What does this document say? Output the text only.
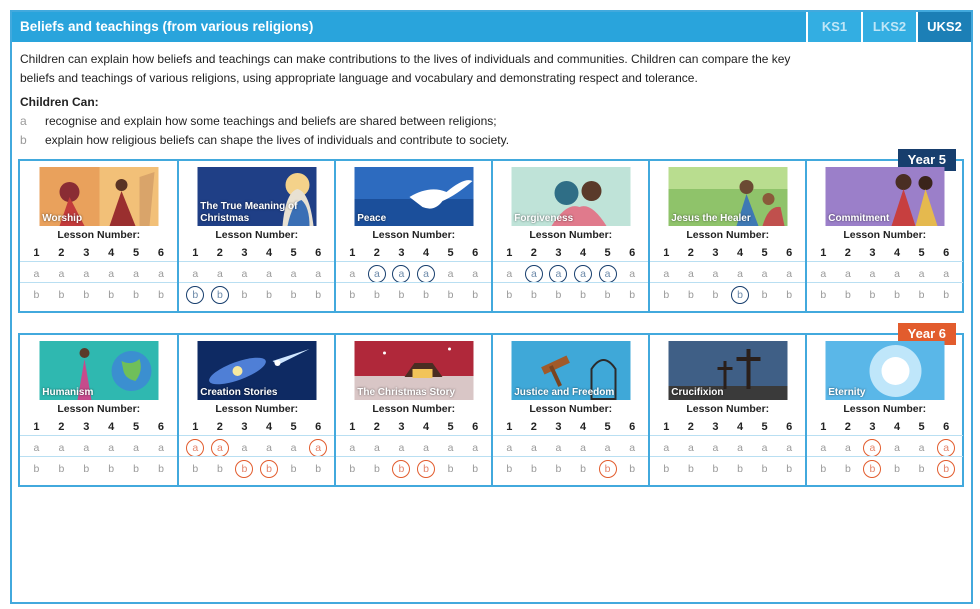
Beliefs and teachings (from various religions)	KS1	LKS2	UKS2
Children can explain how beliefs and teachings can make contributions to the lives of individuals and communities. Children can compare the key beliefs and teachings of various religions, using appropriate language and vocabulary and demonstrating respect and tolerance.
Children Can:
a	recognise and explain how some teachings and beliefs are shared between religions;
b	explain how religious beliefs can shape the lives of individuals and contribute to society.
Year 5
Worship
Lesson Number:
1	2	3	4	5	6
a	a	a	a	a	a
b	b	b	b	b	b
The True Meaning of Christmas
Lesson Number:
1	2	3	4	5	6
a	a	a	a	a	a
b	b	b	b	b	b
Peace
Lesson Number:
1	2	3	4	5	6
a	a	a	a	a	a
b	b	b	b	b	b
Forgiveness
Lesson Number:
1	2	3	4	5	6
a	a	a	a	a	a
b	b	b	b	b	b
Jesus the Healer
Lesson Number:
1	2	3	4	5	6
a	a	a	a	a	a
b	b	b	b	b	b
Commitment
Lesson Number:
1	2	3	4	5	6
a	a	a	a	a	a
b	b	b	b	b	b
Year 6
Humanism
Lesson Number:
1	2	3	4	5	6
a	a	a	a	a	a
b	b	b	b	b	b
Creation Stories
Lesson Number:
1	2	3	4	5	6
a	a	a	a	a	a
b	b	b	b	b	b
The Christmas Story
Lesson Number:
1	2	3	4	5	6
a	a	a	a	a	a
b	b	b	b	b	b
Justice and Freedom
Lesson Number:
1	2	3	4	5	6
a	a	a	a	a	a
b	b	b	b	b	b
Crucifixion
Lesson Number:
1	2	3	4	5	6
a	a	a	a	a	a
b	b	b	b	b	b
Eternity
Lesson Number:
1	2	3	4	5	6
a	a	a	a	a	a
b	b	b	b	b	b
